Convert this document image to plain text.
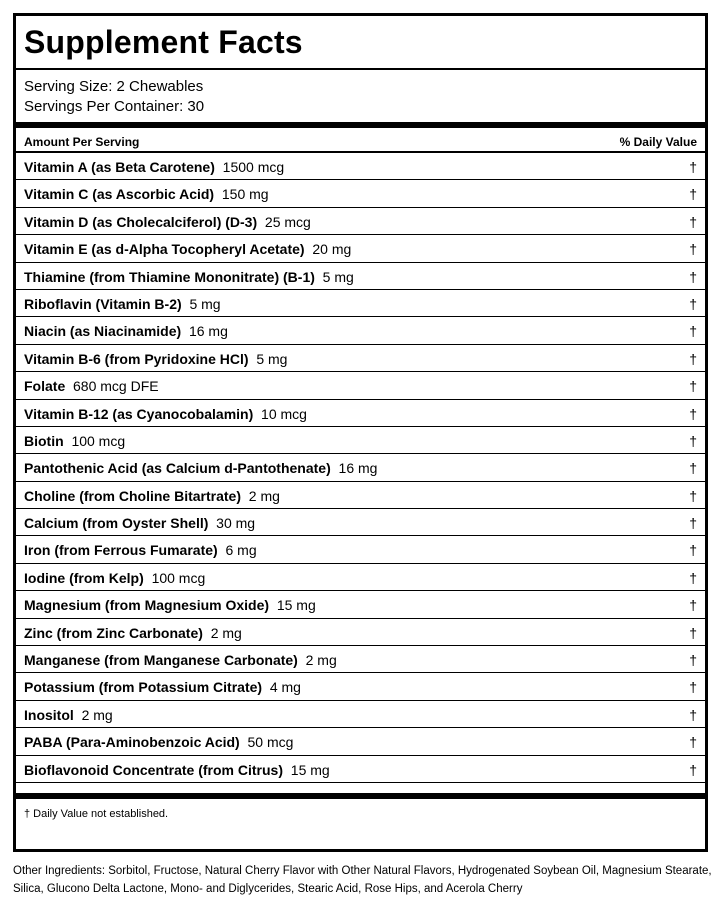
Supplement Facts
Serving Size: 2 Chewables
Servings Per Container: 30
Amount Per Serving	% Daily Value
Vitamin A (as Beta Carotene) 1500 mcg	†
Vitamin C (as Ascorbic Acid) 150 mg	†
Vitamin D (as Cholecalciferol) (D-3) 25 mcg	†
Vitamin E (as d-Alpha Tocopheryl Acetate) 20 mg	†
Thiamine (from Thiamine Mononitrate) (B-1) 5 mg	†
Riboflavin (Vitamin B-2) 5 mg	†
Niacin (as Niacinamide) 16 mg	†
Vitamin B-6 (from Pyridoxine HCl) 5 mg	†
Folate 680 mcg DFE	†
Vitamin B-12 (as Cyanocobalamin) 10 mcg	†
Biotin 100 mcg	†
Pantothenic Acid (as Calcium d-Pantothenate) 16 mg	†
Choline (from Choline Bitartrate) 2 mg	†
Calcium (from Oyster Shell) 30 mg	†
Iron (from Ferrous Fumarate) 6 mg	†
Iodine (from Kelp) 100 mcg	†
Magnesium (from Magnesium Oxide) 15 mg	†
Zinc (from Zinc Carbonate) 2 mg	†
Manganese (from Manganese Carbonate) 2 mg	†
Potassium (from Potassium Citrate) 4 mg	†
Inositol 2 mg	†
PABA (Para-Aminobenzoic Acid) 50 mcg	†
Bioflavonoid Concentrate (from Citrus) 15 mg	†
† Daily Value not established.
Other Ingredients: Sorbitol, Fructose, Natural Cherry Flavor with Other Natural Flavors, Hydrogenated Soybean Oil, Magnesium Stearate, Silica, Glucono Delta Lactone, Mono- and Diglycerides, Stearic Acid, Rose Hips, and Acerola Cherry
